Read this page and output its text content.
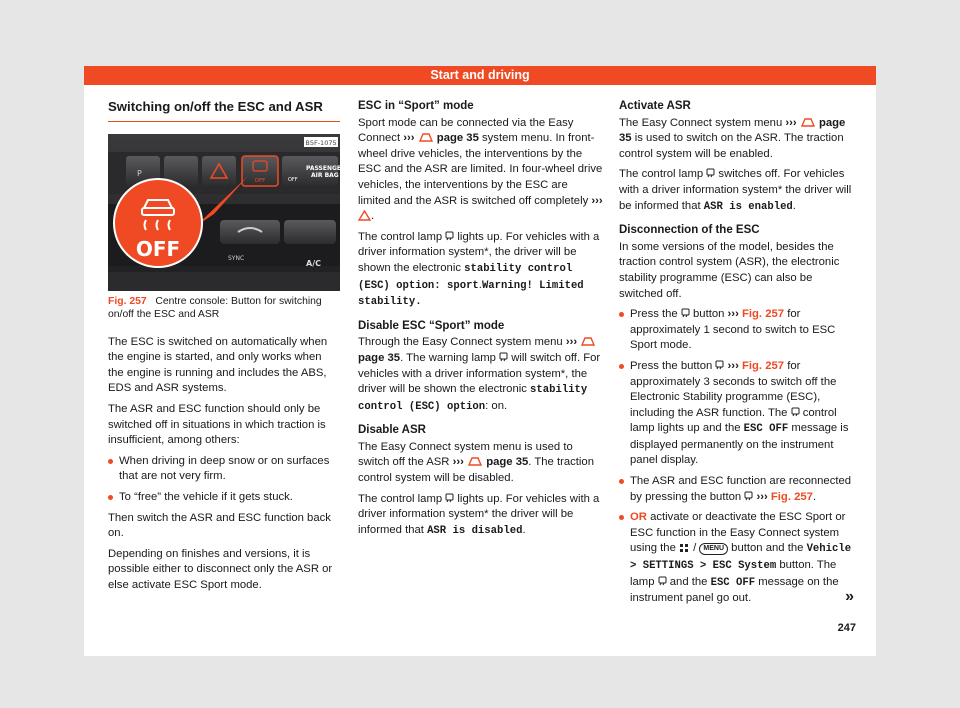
Start and driving
Switching on/off the ESC and ASR
P
OFF
PASSENGER
AIR BAG
OFF
SYNC
A/C
OFF
B5F-1075
Fig. 257 Centre console: Button for switching on/off the ESC and ASR

The ESC is switched on automatically when the engine is started, and only works when the engine is running and includes the ABS, EDS and ASR systems.

The ASR and ESC function should only be switched off in situations in which traction is insufficient, among others:

When driving in deep snow or on surfaces that are not very firm.

To “free” the vehicle if it gets stuck.

Then switch the ASR and ESC function back on.

Depending on finishes and versions, it is possible either to disconnect only the ASR or else activate ESC Sport mode.

ESC in “Sport” mode

Sport mode can be connected via the Easy Connect ››› page 35 system menu. In front-wheel drive vehicles, the interventions by the ESC and the ASR are limited. In four-wheel drive vehicles, the interventions by the ESC are limited and the ASR is switched off completely ››› .

The control lamp  lights up. For vehicles with a driver information system*, the driver will be shown the electronic stability control (ESC) option: sport.Warning! Limited stability.

Disable ESC “Sport” mode

Through the Easy Connect system menu ›››  page 35. The warning lamp  will switch off. For vehicles with a driver information system*, the driver will be shown the electronic stability control (ESC) option: on.

Disable ASR

The Easy Connect system menu is used to switch off the ASR ››› page 35. The traction control system will be disabled.

The control lamp  lights up. For vehicles with a driver information system* the driver will be informed that ASR is disabled.

Activate ASR

The Easy Connect system menu ››› page 35 is used to switch on the ASR. The traction control system will be enabled.

The control lamp  switches off. For vehicles with a driver information system* the driver will be informed that ASR is enabled.

Disconnection of the ESC

In some versions of the model, besides the traction control system (ASR), the electronic stability programme (ESC) can also be switched off.

Press the  button ››› Fig. 257 for approximately 1 second to switch to ESC Sport mode.

Press the button  ››› Fig. 257 for approximately 3 seconds to switch off the Electronic Stability programme (ESC), including the ASR function. The  control lamp lights up and the ESC OFF message is displayed permanently on the instrument panel display.

The ASR and ESC function are reconnected by pressing the button  ››› Fig. 257.

OR activate or deactivate the ESC Sport or ESC function in the Easy Connect system using the  / MENU button and the Vehicle > SETTINGS > ESC System button. The lamp  and the ESC OFF message on the instrument panel go out.	»
247
